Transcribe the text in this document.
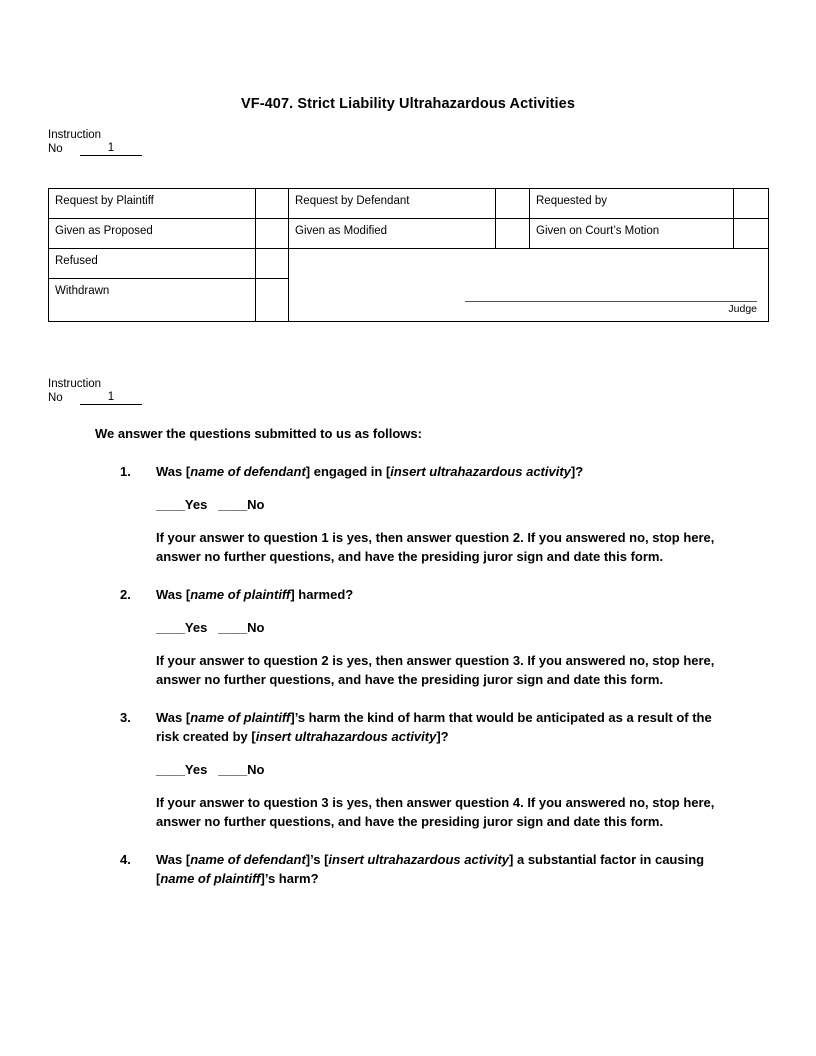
VF-407. Strict Liability Ultrahazardous Activities
Instruction
No	1
Request by Plaintiff		Request by Defendant		Requested by	
Given as Proposed		Given as Modified		Given on Court’s Motion	
Refused		Judge			

Withdrawn					
Instruction
No	1
We answer the questions submitted to us as follows:
1.	Was [name of defendant] engaged in [insert ultrahazardous activity]?
____Yes ____No
If your answer to question 1 is yes, then answer question 2. If you answered no, stop here, answer no further questions, and have the presiding juror sign and date this form.
2.	Was [name of plaintiff] harmed?
____Yes ____No
If your answer to question 2 is yes, then answer question 3. If you answered no, stop here, answer no further questions, and have the presiding juror sign and date this form.
3.	Was [name of plaintiff]’s harm the kind of harm that would be anticipated as a result of the risk created by [insert ultrahazardous activity]?
____Yes ____No
If your answer to question 3 is yes, then answer question 4. If you answered no, stop here, answer no further questions, and have the presiding juror sign and date this form.
4.	Was [name of defendant]’s [insert ultrahazardous activity] a substantial factor in causing [name of plaintiff]’s harm?
